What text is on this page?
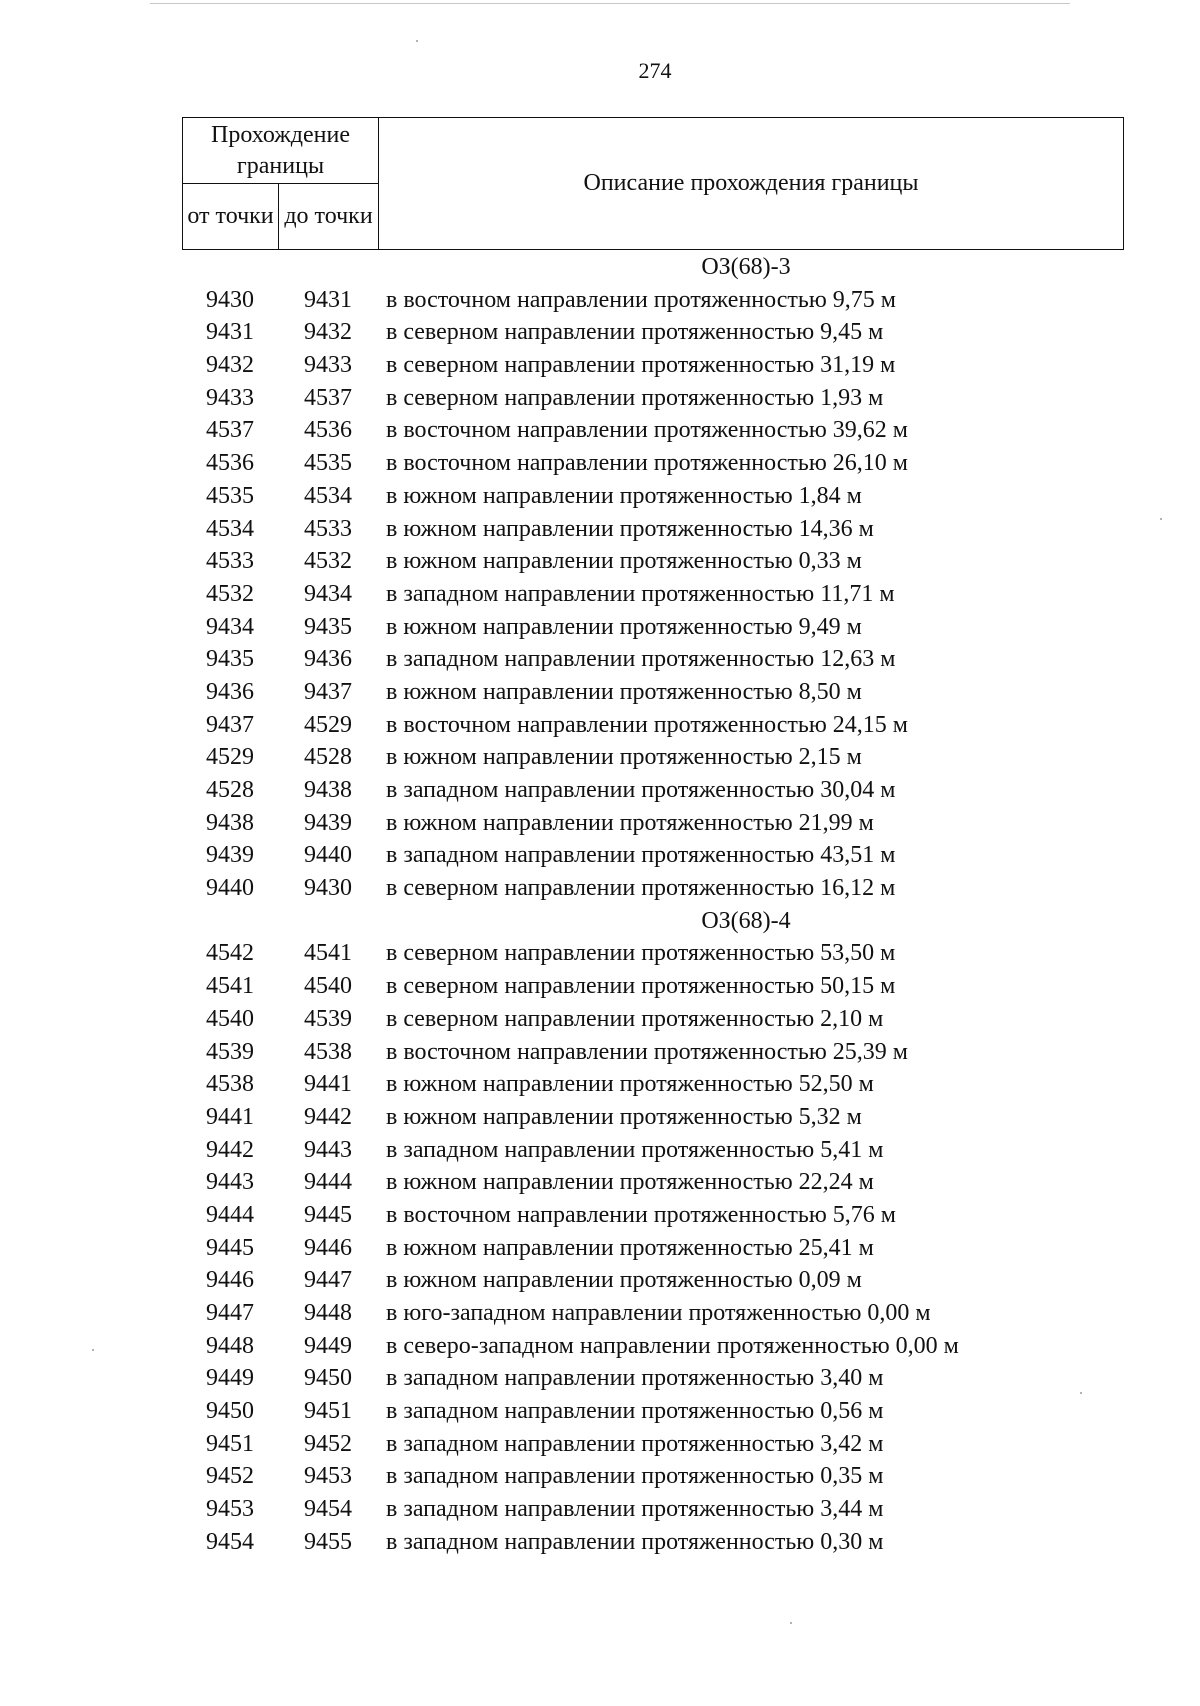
274
Прохождение границы		Описание прохождения границы
от точки	до точки	
ОЗ(68)-3
9430	9431	в восточном направлении протяженностью 9,75 м
9431	9432	в северном направлении протяженностью 9,45 м
9432	9433	в северном направлении протяженностью 31,19 м
9433	4537	в северном направлении протяженностью 1,93 м
4537	4536	в восточном направлении протяженностью 39,62 м
4536	4535	в восточном направлении протяженностью 26,10 м
4535	4534	в южном направлении протяженностью 1,84 м
4534	4533	в южном направлении протяженностью 14,36 м
4533	4532	в южном направлении протяженностью 0,33 м
4532	9434	в западном направлении протяженностью 11,71 м
9434	9435	в южном направлении протяженностью 9,49 м
9435	9436	в западном направлении протяженностью 12,63 м
9436	9437	в южном направлении протяженностью 8,50 м
9437	4529	в восточном направлении протяженностью 24,15 м
4529	4528	в южном направлении протяженностью 2,15 м
4528	9438	в западном направлении протяженностью 30,04 м
9438	9439	в южном направлении протяженностью 21,99 м
9439	9440	в западном направлении протяженностью 43,51 м
9440	9430	в северном направлении протяженностью 16,12 м
ОЗ(68)-4
4542	4541	в северном направлении протяженностью 53,50 м
4541	4540	в северном направлении протяженностью 50,15 м
4540	4539	в северном направлении протяженностью 2,10 м
4539	4538	в восточном направлении протяженностью 25,39 м
4538	9441	в южном направлении протяженностью 52,50 м
9441	9442	в южном направлении протяженностью 5,32 м
9442	9443	в западном направлении протяженностью 5,41 м
9443	9444	в южном направлении протяженностью 22,24 м
9444	9445	в восточном направлении протяженностью 5,76 м
9445	9446	в южном направлении протяженностью 25,41 м
9446	9447	в южном направлении протяженностью 0,09 м
9447	9448	в юго-западном направлении протяженностью 0,00 м
9448	9449	в северо-западном направлении протяженностью 0,00 м
9449	9450	в западном направлении протяженностью 3,40 м
9450	9451	в западном направлении протяженностью 0,56 м
9451	9452	в западном направлении протяженностью 3,42 м
9452	9453	в западном направлении протяженностью 0,35 м
9453	9454	в западном направлении протяженностью 3,44 м
9454	9455	в западном направлении протяженностью 0,30 м
